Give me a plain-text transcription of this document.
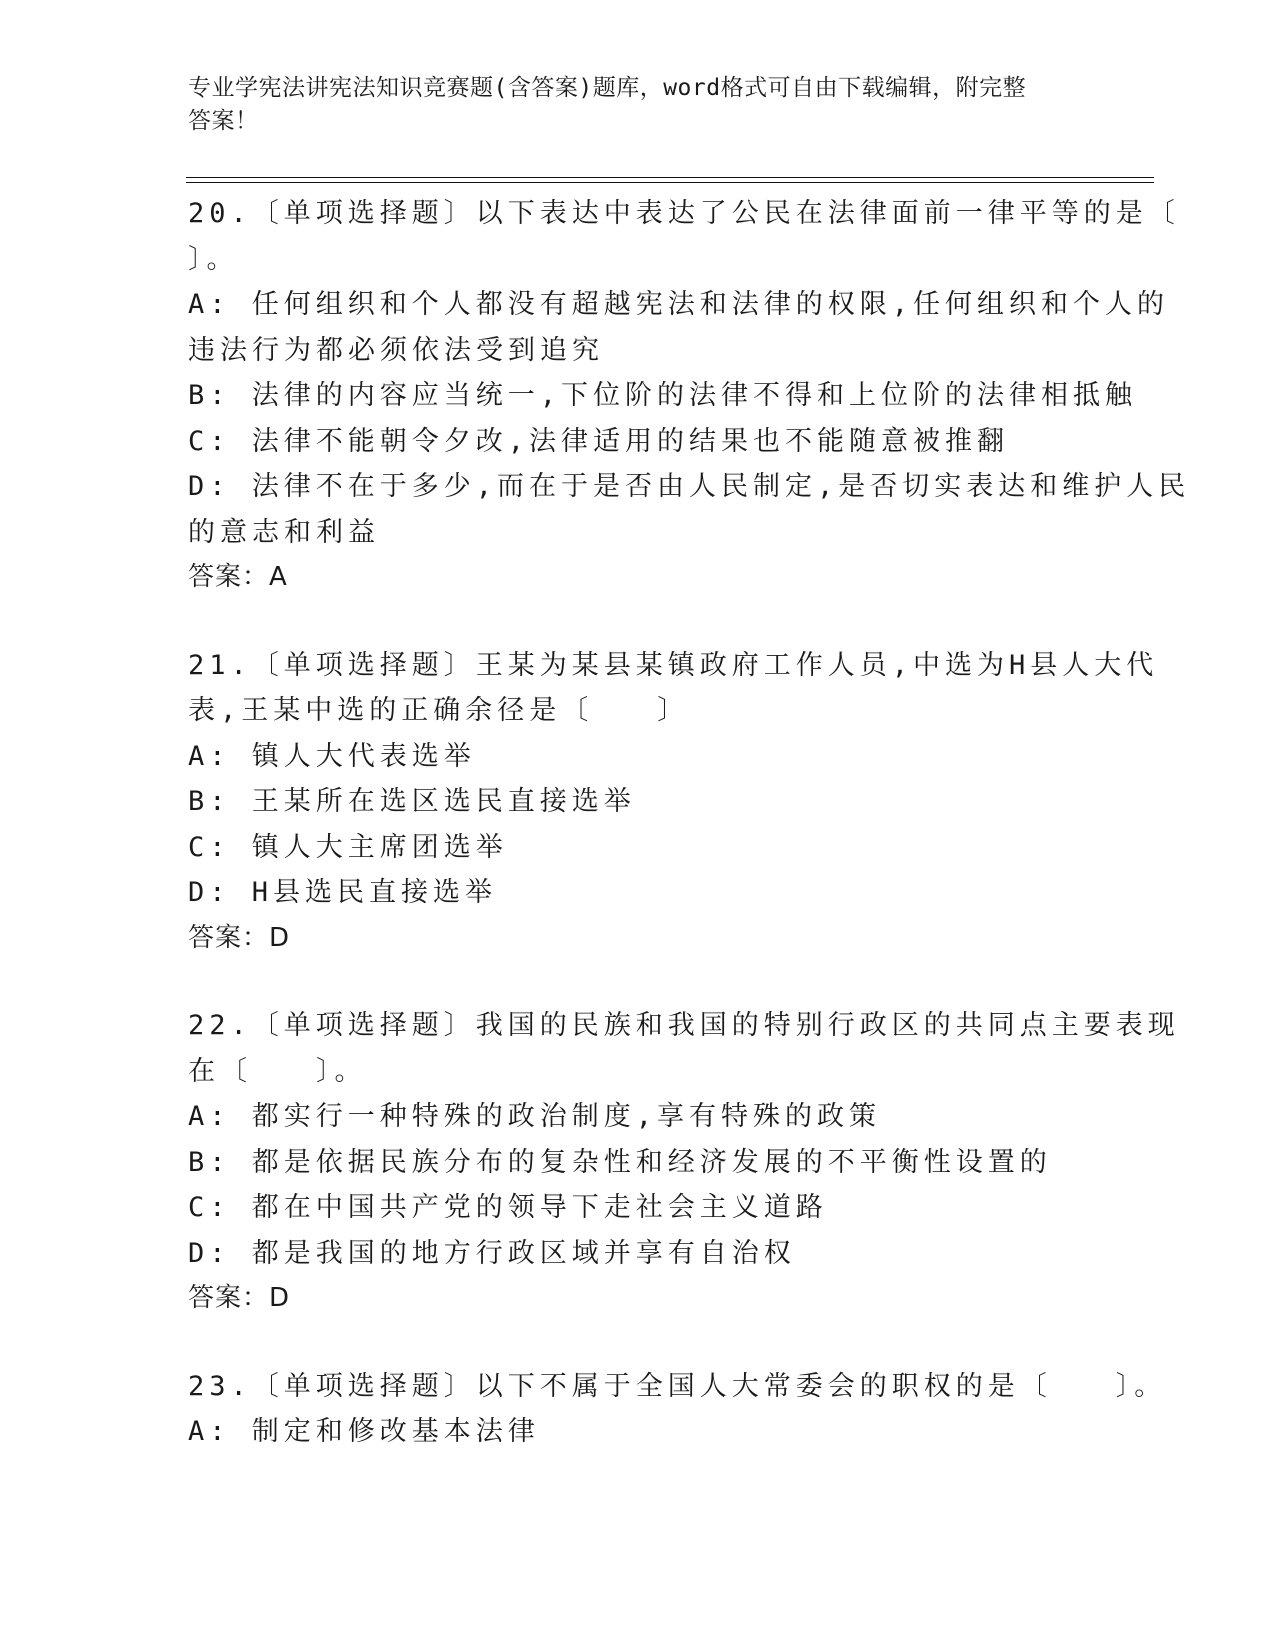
专业学宪法讲宪法知识竞赛题(含答案)题库，word格式可自由下载编辑，附完整
答案！

20.〔单项选择题〕以下表达中表达了公民在法律面前一律平等的是〔

〕。

A: 任何组织和个人都没有超越宪法和法律的权限,任何组织和个人的

违法行为都必须依法受到追究

B: 法律的内容应当统一,下位阶的法律不得和上位阶的法律相抵触

C: 法律不能朝令夕改,法律适用的结果也不能随意被推翻

D: 法律不在于多少,而在于是否由人民制定,是否切实表达和维护人民

的意志和利益

答案：A

21.〔单项选择题〕王某为某县某镇政府工作人员,中选为H县人大代

表,王某中选的正确余径是〔　　〕

A: 镇人大代表选举

B: 王某所在选区选民直接选举

C: 镇人大主席团选举

D: H县选民直接选举

答案：D

22.〔单项选择题〕我国的民族和我国的特别行政区的共同点主要表现

在〔　　〕。

A: 都实行一种特殊的政治制度,享有特殊的政策

B: 都是依据民族分布的复杂性和经济发展的不平衡性设置的

C: 都在中国共产党的领导下走社会主义道路

D: 都是我国的地方行政区域并享有自治权

答案：D

23.〔单项选择题〕以下不属于全国人大常委会的职权的是〔　　〕。

A: 制定和修改基本法律
